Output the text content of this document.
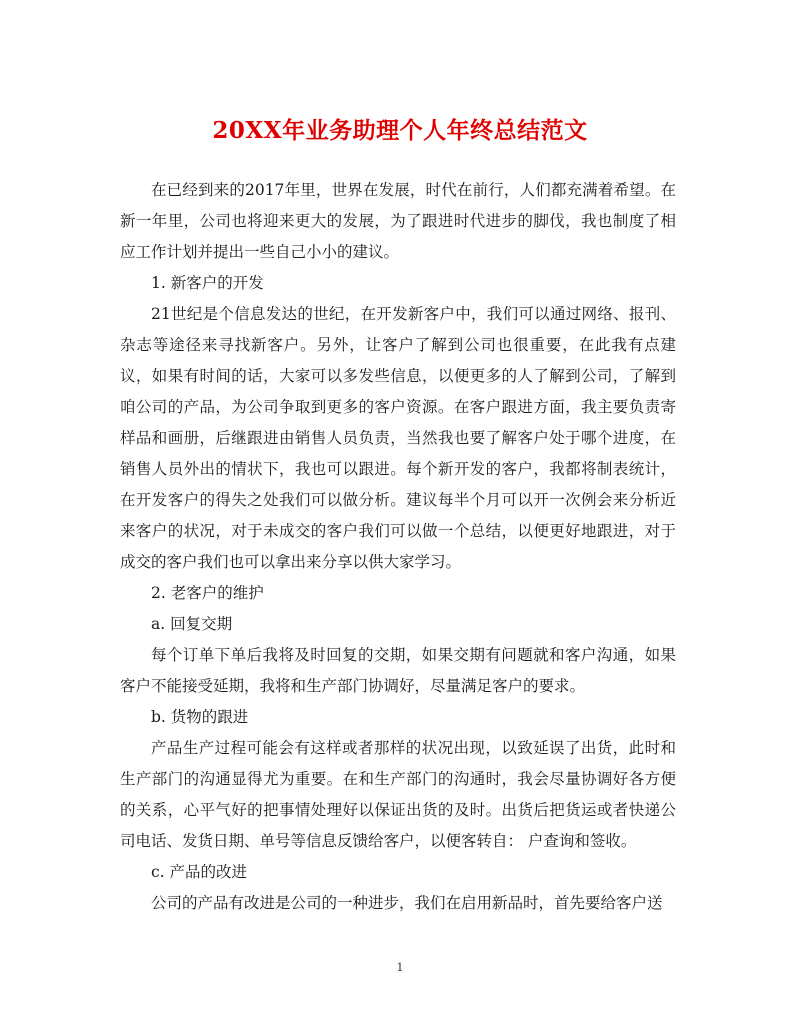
20XX年业务助理个人年终总结范文

在已经到来的2017年里，世界在发展，时代在前行，人们都充满着希望。在新一年里，公司也将迎来更大的发展，为了跟进时代进步的脚伐，我也制度了相应工作计划并提出一些自己小小的建议。

1. 新客户的开发

21世纪是个信息发达的世纪，在开发新客户中，我们可以通过网络、报刊、杂志等途径来寻找新客户。另外，让客户了解到公司也很重要，在此我有点建议，如果有时间的话，大家可以多发些信息，以便更多的人了解到公司，了解到咱公司的产品，为公司争取到更多的客户资源。在客户跟进方面，我主要负责寄样品和画册，后继跟进由销售人员负责，当然我也要了解客户处于哪个进度，在销售人员外出的情状下，我也可以跟进。每个新开发的客户，我都将制表统计，在开发客户的得失之处我们可以做分析。建议每半个月可以开一次例会来分析近来客户的状况，对于未成交的客户我们可以做一个总结，以便更好地跟进，对于成交的客户我们也可以拿出来分享以供大家学习。

2. 老客户的维护

a. 回复交期

每个订单下单后我将及时回复的交期，如果交期有问题就和客户沟通，如果客户不能接受延期，我将和生产部门协调好，尽量满足客户的要求。

b. 货物的跟进

产品生产过程可能会有这样或者那样的状况出现，以致延误了出货，此时和生产部门的沟通显得尤为重要。在和生产部门的沟通时，我会尽量协调好各方便的关系，心平气好的把事情处理好以保证出货的及时。出货后把货运或者快递公司电话、发货日期、单号等信息反馈给客户，以便客转自： 户查询和签收。

c. 产品的改进

公司的产品有改进是公司的一种进步，我们在启用新品时，首先要给客户送

1
